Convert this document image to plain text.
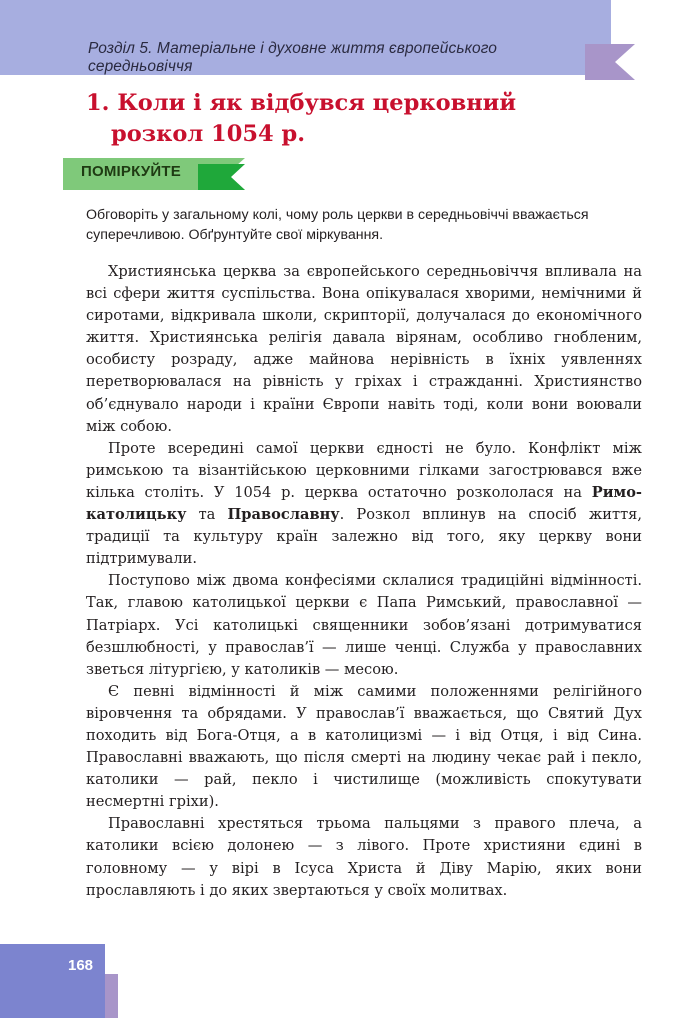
Розділ 5. Матеріальне і духовне життя європейського середньовіччя
1. Коли і як відбувся церковний
розкол 1054 р.
ПОМІРКУЙТЕ
Обговоріть у загальному колі, чому роль церкви в середньовіччі вважається суперечливою. Обґрунтуйте свої міркування.

Християнська церква за європейського середньовіччя впливала на всі сфери життя суспільства. Вона опікувалася хворими, немічними й сиротами, відкривала школи, скрипторії, долучалася до економічного життя. Християнська релігія давала вірянам, особливо гнобленим, особисту розраду, адже майнова нерівність в їхніх уявленнях перетворювалася на рівність у гріхах і стражданні. Християнство об’єднувало народи і країни Європи навіть тоді, коли вони воювали між собою.

Проте всередині самої церкви єдності не було. Конфлікт між римською та візантійською церковними гілками загострювався вже кілька століть. У 1054 р. церква остаточно розкололася на Римо-католицьку та Православну. Розкол вплинув на спосіб життя, традиції та культуру країн залежно від того, яку церкву вони підтримували.

Поступово між двома конфесіями склалися традиційні відмінності. Так, главою католицької церкви є Папа Римський, православної — Патріарх. Усі католицькі священники зобов’язані дотримуватися безшлюбності, у православ’ї — лише ченці. Служба у православних зветься літургією, у католиків — месою.

Є певні відмінності й між самими положеннями релігійного віровчення та обрядами. У православ’ї вважається, що Святий Дух походить від Бога-Отця, а в католицизмі — і від Отця, і від Сина. Православні вважають, що після смерті на людину чекає рай і пекло, католики — рай, пекло і чистилище (можливість спокутувати несмертні гріхи).

Православні хрестяться трьома пальцями з правого плеча, а католики всією долонею — з лівого. Проте християни єдині в головному — у вірі в Ісуса Христа й Діву Марію, яких вони прославляють і до яких звертаються у своїх молитвах.

168
